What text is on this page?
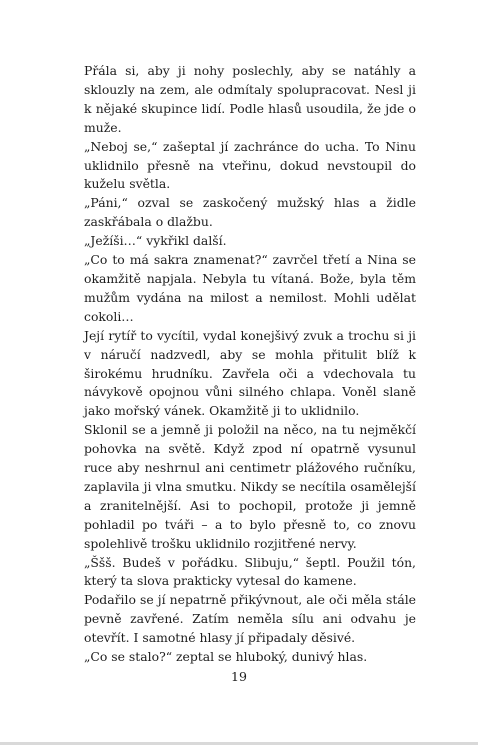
Přála si, aby ji nohy poslechly, aby se natáhly a sklouzly na zem, ale odmítaly spolupracovat. Nesl ji k nějaké skupince lidí. Podle hlasů usoudila, že jde o muže.

„Neboj se,“ zašeptal jí zachránce do ucha. To Ninu uklidnilo přesně na vteřinu, dokud nevstoupil do kuželu světla.

„Páni,“ ozval se zaskočený mužský hlas a židle zaskřábala o dlažbu.

„Ježíši…“ vykřikl další.

„Co to má sakra znamenat?“ zavrčel třetí a Nina se okamžitě napjala. Nebyla tu vítaná. Bože, byla těm mužům vydána na milost a nemilost. Mohli udělat cokoli…

Její rytíř to vycítil, vydal konejšivý zvuk a trochu si ji v náručí nadzvedl, aby se mohla přitulit blíž k širokému hrudníku. Zavřela oči a vdechovala tu návykově opojnou vůni silného chlapa. Voněl slaně jako mořský vánek. Okamžitě ji to uklidnilo.

Sklonil se a jemně ji položil na něco, na tu nejměkčí pohovka na světě. Když zpod ní opatrně vysunul ruce aby neshrnul ani centimetr plážového ručníku, zaplavila ji vlna smutku. Nikdy se necítila osamělejší a zranitelnější. Asi to pochopil, protože ji jemně pohladil po tváři – a to bylo přesně to, co znovu spolehlivě trošku uklidnilo rozjitřené nervy.

„Ššš. Budeš v pořádku. Slibuju,“ šeptl. Použil tón, který ta slova prakticky vytesal do kamene.

Podařilo se jí nepatrně přikývnout, ale oči měla stále pevně zavřené. Zatím neměla sílu ani odvahu je otevřít. I samotné hlasy jí připadaly děsivé.

„Co se stalo?“ zeptal se hluboký, dunivý hlas.

19
